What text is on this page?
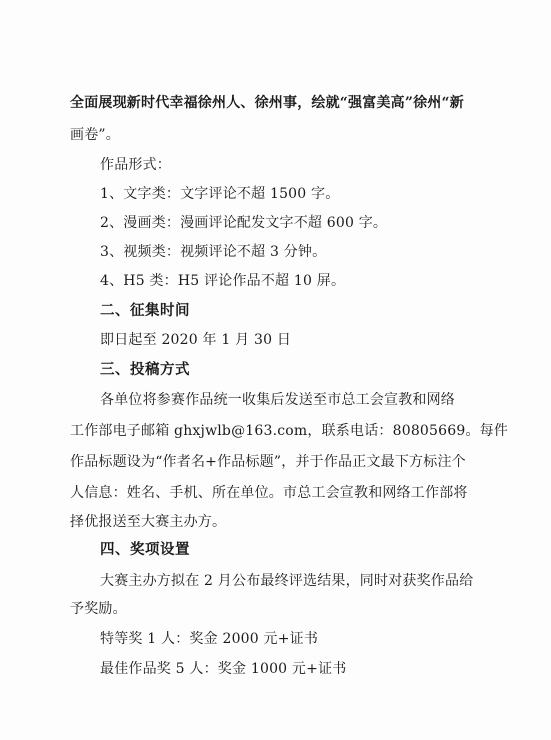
全面展现新时代幸福徐州人、徐州事，绘就“强富美高”徐州“新
画卷”。
作品形式：
1、文字类：文字评论不超 1500 字。
2、漫画类：漫画评论配发文字不超 600 字。
3、视频类：视频评论不超 3 分钟。
4、H5 类：H5 评论作品不超 10 屏。
二、征集时间
即日起至 2020 年 1 月 30 日
三、投稿方式
各单位将参赛作品统一收集后发送至市总工会宣教和网络
工作部电子邮箱 ghxjwlb@163.com，联系电话：80805669。每件
作品标题设为“作者名+作品标题”，并于作品正文最下方标注个
人信息：姓名、手机、所在单位。市总工会宣教和网络工作部将
择优报送至大赛主办方。
四、奖项设置
大赛主办方拟在 2 月公布最终评选结果，同时对获奖作品给
予奖励。
特等奖 1 人：奖金 2000 元+证书
最佳作品奖 5 人：奖金 1000 元+证书
